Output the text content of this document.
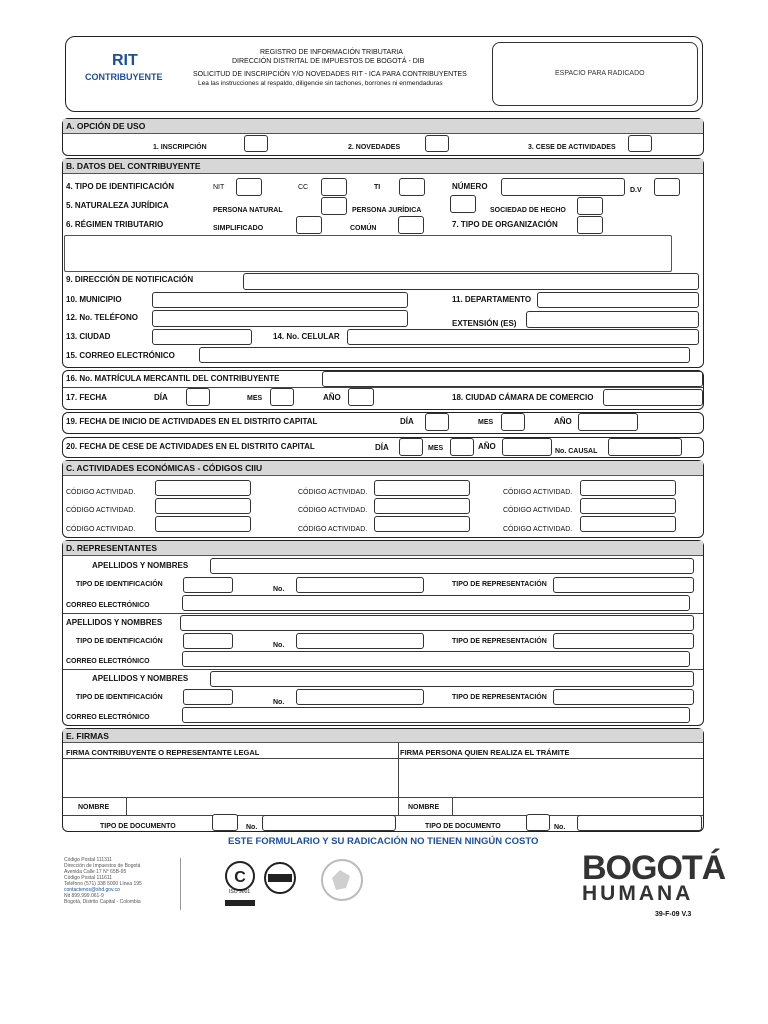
RIT
CONTRIBUYENTE
REGISTRO DE INFORMACIÓN TRIBUTARIA
DIRECCIÓN DISTRITAL DE IMPUESTOS DE BOGOTÁ - DIB
SOLICITUD DE INSCRIPCIÓN Y/O NOVEDADES RIT - ICA PARA CONTRIBUYENTES
Lea las instrucciones al respaldo, diligencie sin tachones, borrones ni enmendaduras
ESPACIO PARA RADICADO
A. OPCIÓN DE USO
1. INSCRIPCIÓN	2. NOVEDADES	3. CESE DE ACTIVIDADES
B. DATOS DEL CONTRIBUYENTE
4. TIPO DE IDENTIFICACIÓN	NIT	CC	TI	NÚMERO	D.V
5. NATURALEZA JURÍDICA
PERSONA NATURAL	PERSONA JURÍDICA	SOCIEDAD DE HECHO
6. RÉGIMEN TRIBUTARIO	SIMPLIFICADO	COMÚN	7. TIPO DE ORGANIZACIÓN
9. DIRECCIÓN DE NOTIFICACIÓN
10. MUNICIPIO	11. DEPARTAMENTO
12. No. TELÉFONO
EXTENSIÓN (ES)
13. CIUDAD	14. No. CELULAR
15. CORREO ELECTRÓNICO
16. No. MATRÍCULA MERCANTIL DEL CONTRIBUYENTE
17. FECHA	DÍA	MES	AÑO	18. CIUDAD CÁMARA DE COMERCIO
19. FECHA DE INICIO DE ACTIVIDADES EN EL DISTRITO CAPITAL	DÍA	MES	AÑO
20. FECHA DE CESE DE ACTIVIDADES EN EL DISTRITO CAPITAL	DÍA	MES	AÑO
No. CAUSAL
C. ACTIVIDADES ECONÓMICAS - CÓDIGOS CIIU
CÓDIGO ACTIVIDAD.	CÓDIGO ACTIVIDAD.	CÓDIGO ACTIVIDAD.
CÓDIGO ACTIVIDAD.	CÓDIGO ACTIVIDAD.	CÓDIGO ACTIVIDAD.
CÓDIGO ACTIVIDAD.	CÓDIGO ACTIVIDAD.	CÓDIGO ACTIVIDAD.
D. REPRESENTANTES
APELLIDOS Y NOMBRES
TIPO DE IDENTIFICACIÓN
No.
TIPO DE REPRESENTACIÓN
CORREO ELECTRÓNICO
APELLIDOS Y NOMBRES
TIPO DE IDENTIFICACIÓN
No.
TIPO DE REPRESENTACIÓN
CORREO ELECTRÓNICO
APELLIDOS Y NOMBRES
TIPO DE IDENTIFICACIÓN
No.
TIPO DE REPRESENTACIÓN
CORREO ELECTRÓNICO
E. FIRMAS
FIRMA CONTRIBUYENTE O REPRESENTANTE LEGAL	FIRMA PERSONA QUIEN REALIZA EL TRÁMITE
NOMBRE	NOMBRE
TIPO DE DOCUMENTO	No.	TIPO DE DOCUMENTO	No.
ESTE FORMULARIO Y SU RADICACIÓN NO TIENEN NINGÚN COSTO
Código Postal 111311
Dirección de Impuestos de Bogotá
Avenida Calle 17 N° 65B-95
Código Postal 111611
Teléfono (571) 338 5000 Línea 195
contactenos@shd.gov.co
Nit 899.999.061-9
Bogotá, Distrito Capital - Colombia
C
ISO 9001
BOGOTÁ
HUMANA
39-F-09 V.3
